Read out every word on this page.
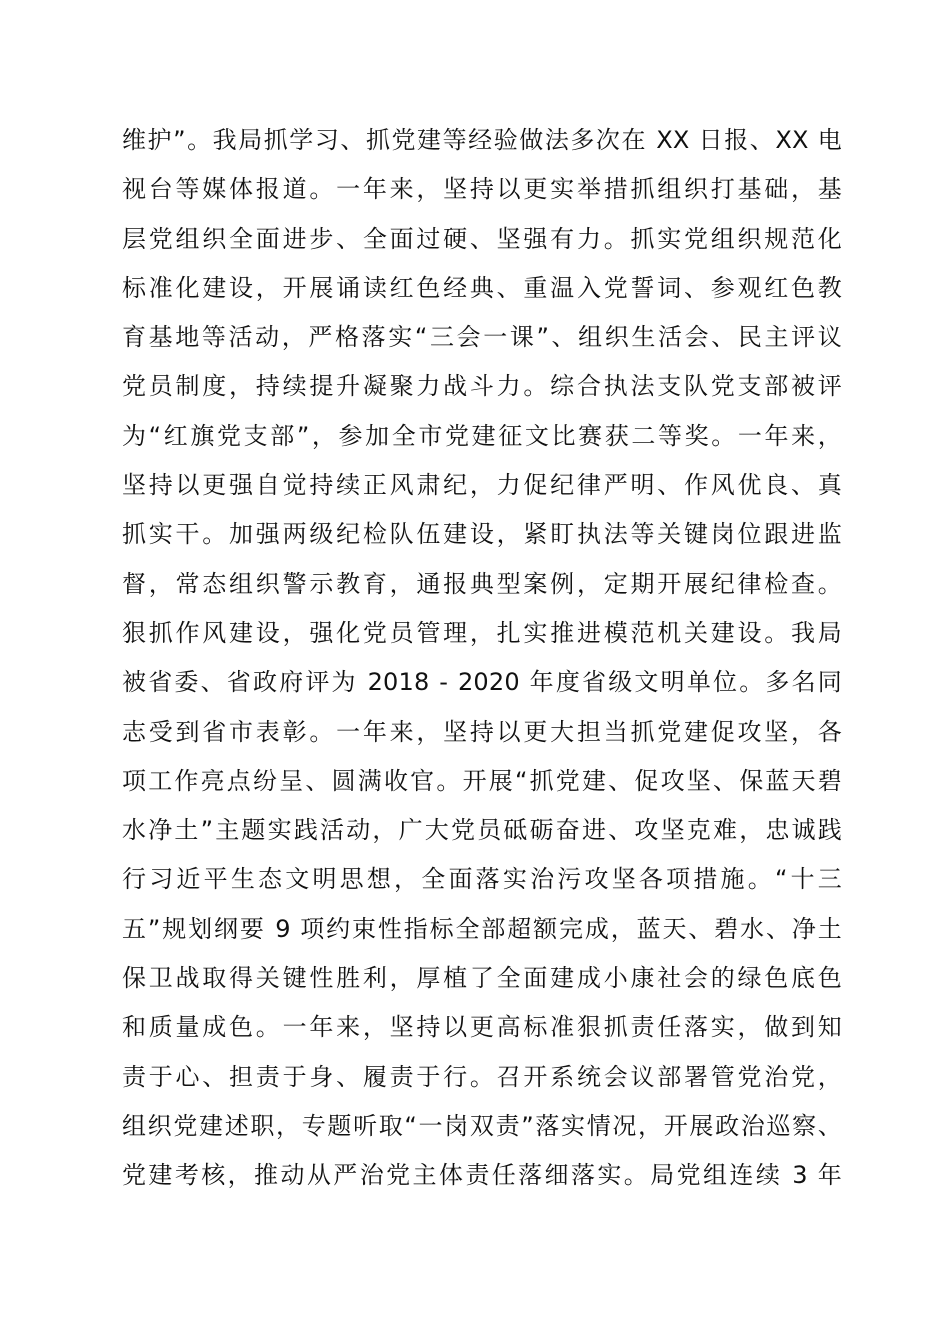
维护”。我局抓学习、抓党建等经验做法多次在 XX 日报、XX 电
视台等媒体报道。一年来，坚持以更实举措抓组织打基础，基
层党组织全面进步、全面过硬、坚强有力。抓实党组织规范化
标准化建设，开展诵读红色经典、重温入党誓词、参观红色教
育基地等活动，严格落实“三会一课”、组织生活会、民主评议
党员制度，持续提升凝聚力战斗力。综合执法支队党支部被评
为“红旗党支部”，参加全市党建征文比赛获二等奖。一年来，
坚持以更强自觉持续正风肃纪，力促纪律严明、作风优良、真
抓实干。加强两级纪检队伍建设，紧盯执法等关键岗位跟进监
督，常态组织警示教育，通报典型案例，定期开展纪律检查。
狠抓作风建设，强化党员管理，扎实推进模范机关建设。我局
被省委、省政府评为 2018 - 2020 年度省级文明单位。多名同
志受到省市表彰。一年来，坚持以更大担当抓党建促攻坚，各
项工作亮点纷呈、圆满收官。开展“抓党建、促攻坚、保蓝天碧
水净土”主题实践活动，广大党员砥砺奋进、攻坚克难，忠诚践
行习近平生态文明思想，全面落实治污攻坚各项措施。“十三
五”规划纲要 9 项约束性指标全部超额完成，蓝天、碧水、净土
保卫战取得关键性胜利，厚植了全面建成小康社会的绿色底色
和质量成色。一年来，坚持以更高标准狠抓责任落实，做到知
责于心、担责于身、履责于行。召开系统会议部署管党治党，
组织党建述职，专题听取“一岗双责”落实情况，开展政治巡察、
党建考核，推动从严治党主体责任落细落实。局党组连续 3 年
